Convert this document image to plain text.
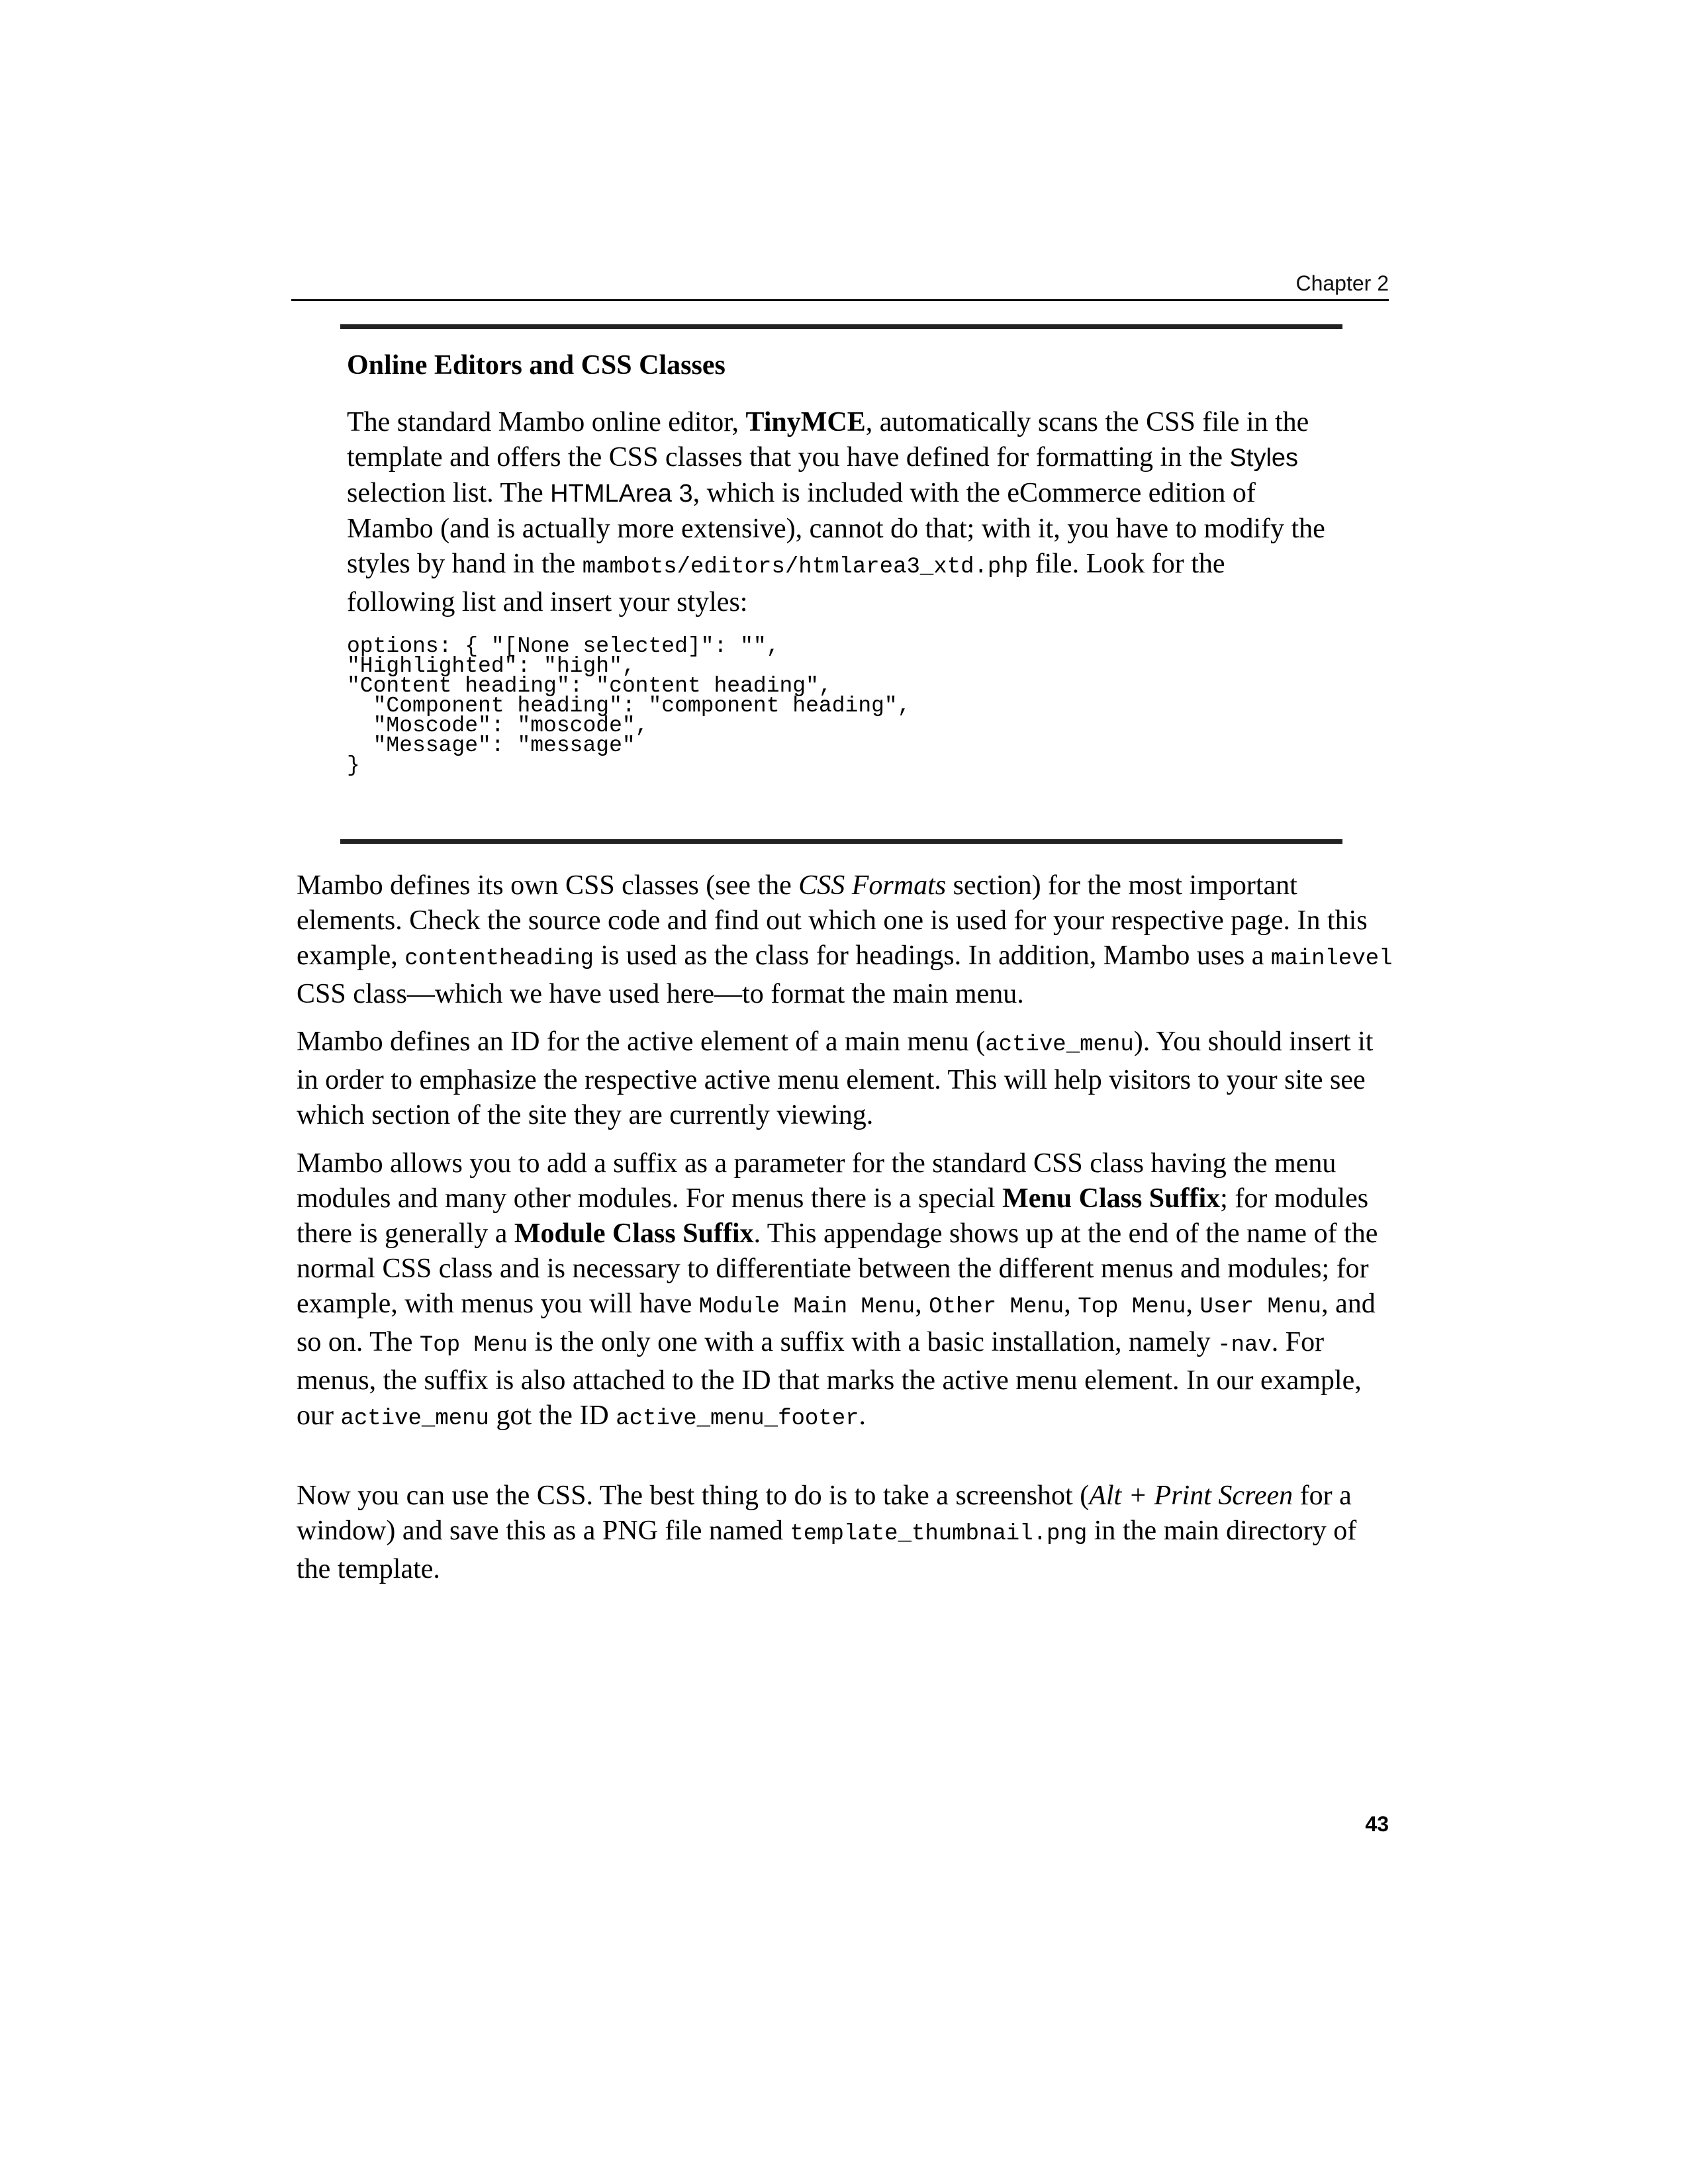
Chapter 2
Online Editors and CSS Classes

The standard Mambo online editor, TinyMCE, automatically scans the CSS file in the template and offers the CSS classes that you have defined for formatting in the Styles selection list. The HTMLArea 3, which is included with the eCommerce edition of Mambo (and is actually more extensive), cannot do that; with it, you have to modify the styles by hand in the mambots/editors/htmlarea3_xtd.php file. Look for the following list and insert your styles:

options: { "[None selected]": "",
"Highlighted": "high",
"Content heading": "content heading",
"Component heading": "component heading",
"Moscode": "moscode",
"Message": "message"
}

Mambo defines its own CSS classes (see the CSS Formats section) for the most important elements. Check the source code and find out which one is used for your respective page. In this example, contentheading is used as the class for headings. In addition, Mambo uses a mainlevel CSS class—which we have used here—to format the main menu.

Mambo defines an ID for the active element of a main menu (active_menu). You should insert it in order to emphasize the respective active menu element. This will help visitors to your site see which section of the site they are currently viewing.

Mambo allows you to add a suffix as a parameter for the standard CSS class having the menu modules and many other modules. For menus there is a special Menu Class Suffix; for modules there is generally a Module Class Suffix. This appendage shows up at the end of the name of the normal CSS class and is necessary to differentiate between the different menus and modules; for example, with menus you will have Module Main Menu, Other Menu, Top Menu, User Menu, and so on. The Top Menu is the only one with a suffix with a basic installation, namely -nav. For menus, the suffix is also attached to the ID that marks the active menu element. In our example, our active_menu got the ID active_menu_footer.

Now you can use the CSS. The best thing to do is to take a screenshot (Alt + Print Screen for a window) and save this as a PNG file named template_thumbnail.png in the main directory of the template.

43
